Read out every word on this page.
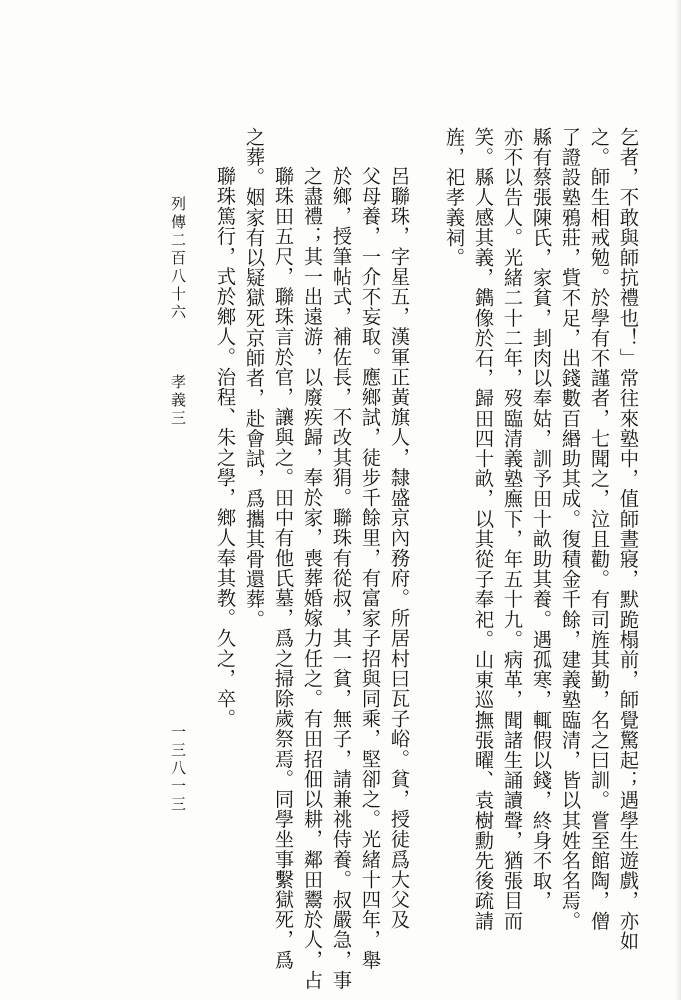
乞者，不敢與師抗禮也！」常往來塾中，值師晝寢，默跪榻前，師覺驚起；遇學生遊戲，亦如
之。師生相戒勉。於學有不謹者，七聞之，泣且勸。有司旌其勤，名之曰訓。嘗至館陶，僧
了證設塾鴉莊，貲不足，出錢數百緡助其成。復積金千餘，建義塾臨清，皆以其姓名名焉。
縣有蔡張陳氏，家貧，刲肉以奉姑，訓予田十畝助其養。遇孤寒，輒假以錢，終身不取，
亦不以告人。光緒二十二年，歿臨清義塾廡下，年五十九。病革，聞諸生誦讀聲，猶張目而
笑。縣人感其義，鐫像於石，歸田四十畝，以其從子奉祀。山東巡撫張曜、袁樹勳先後疏請
旌，祀孝義祠。
呂聯珠，字星五，漢軍正黃旗人，隸盛京內務府。所居村曰瓦子峪。貧，授徒爲大父及
父母養，一介不妄取。應鄉試，徒步千餘里，有富家子招與同乘，堅卻之。光緒十四年，舉
於鄉，授筆帖式，補佐長，不改其狷。聯珠有從叔，其一貧，無子，請兼祧侍養。叔嚴急，事
之盡禮；其一出遠游，以廢疾歸，奉於家，喪葬婚嫁力任之。有田招佃以耕，鄰田鬻於人，占
聯珠田五尺，聯珠言於官，讓與之。田中有他氏墓，爲之掃除歲祭焉。同學坐事繫獄死，爲
之葬。姻家有以疑獄死京師者，赴會試，爲攜其骨還葬。
聯珠篤行，式於鄉人。治程、朱之學，鄉人奉其教。久之，卒。
列傳二百八十六
孝義三
一三八一三
